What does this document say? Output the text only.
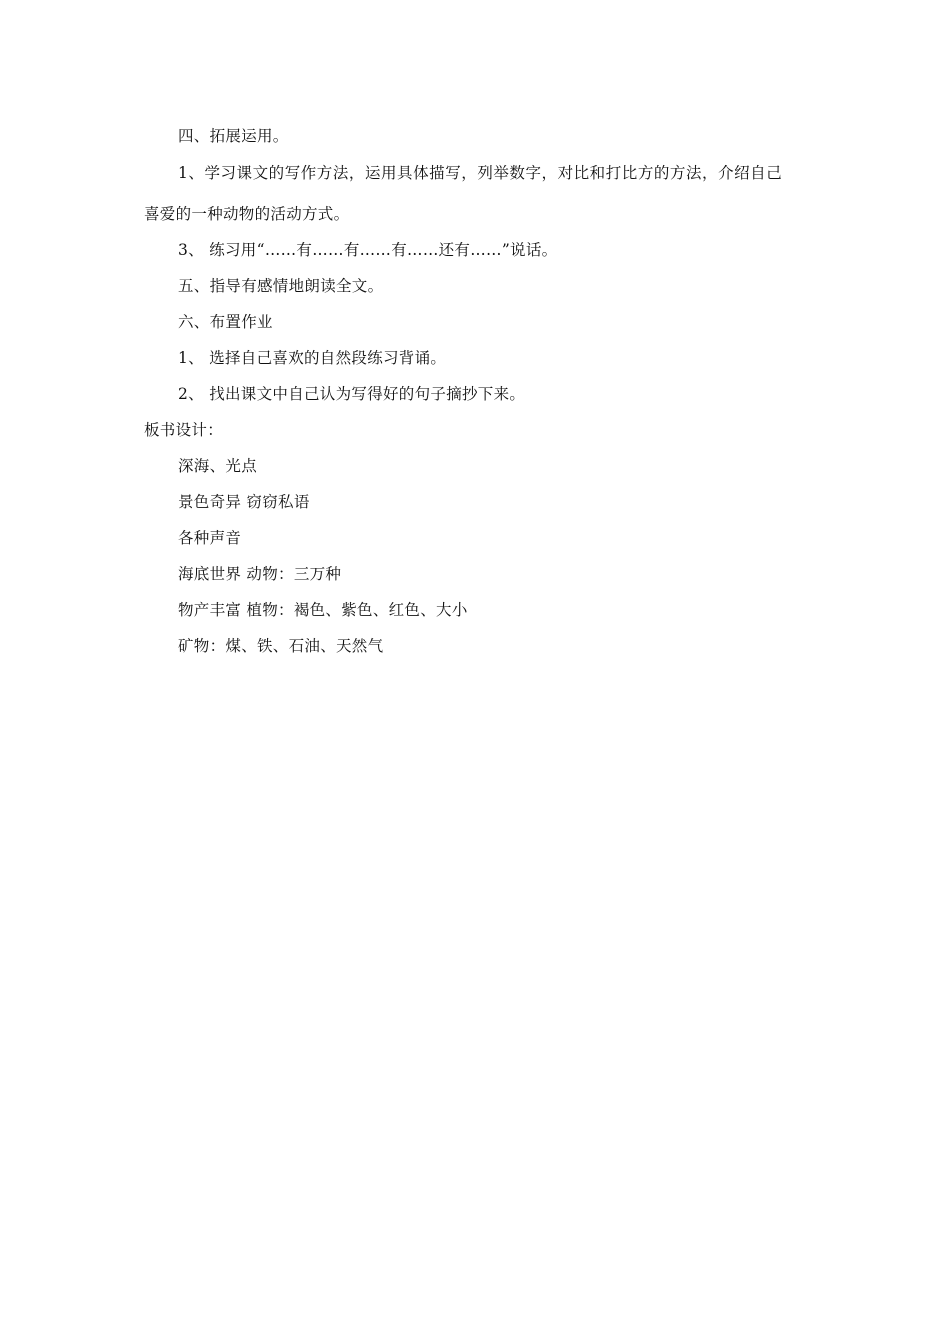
四、拓展运用。
1、学习课文的写作方法，运用具体描写，列举数字，对比和打比方的方法，介绍自己
喜爱的一种动物的活动方式。
3、 练习用“……有……有……有……还有……”说话。
五、指导有感情地朗读全文。
六、布置作业
1、 选择自己喜欢的自然段练习背诵。
2、 找出课文中自己认为写得好的句子摘抄下来。
板书设计：
深海、光点
景色奇异 窃窃私语
各种声音
海底世界 动物：三万种
物产丰富 植物：褐色、紫色、红色、大小
矿物：煤、铁、石油、天然气
